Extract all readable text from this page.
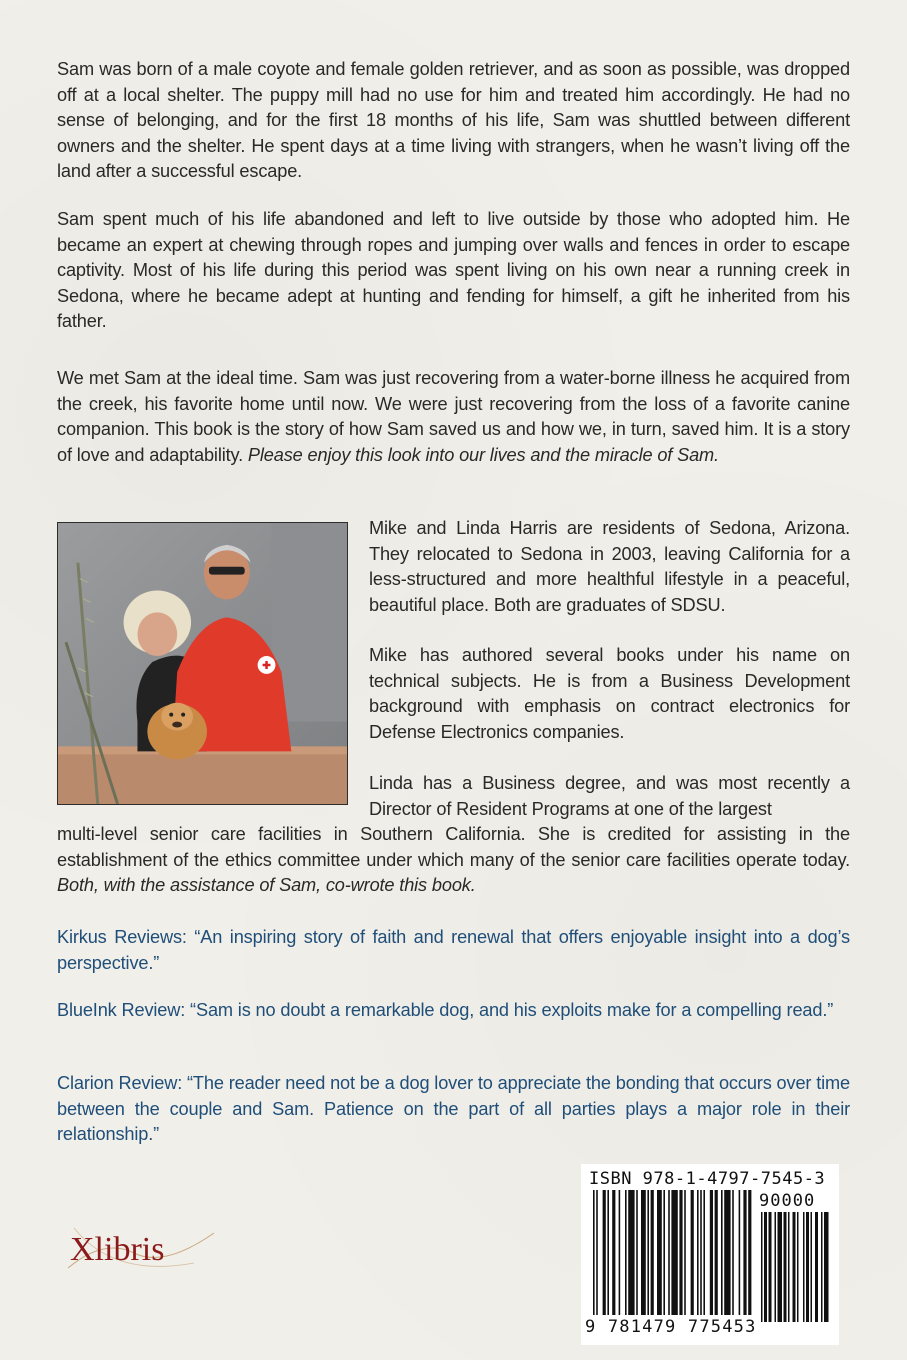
Sam was born of a male coyote and female golden retriever, and as soon as possible, was dropped off at a local shelter. The puppy mill had no use for him and treated him accordingly. He had no sense of belonging, and for the first 18 months of his life, Sam was shuttled between different owners and the shelter. He spent days at a time living with strangers, when he wasn’t living off the land after a successful escape.

Sam spent much of his life abandoned and left to live outside by those who adopted him. He became an expert at chewing through ropes and jumping over walls and fences in order to escape captivity. Most of his life during this period was spent living on his own near a running creek in Sedona, where he became adept at hunting and fending for himself, a gift he inherited from his father.

We met Sam at the ideal time. Sam was just recovering from a water-borne illness he acquired from the creek, his favorite home until now. We were just recovering from the loss of a favorite canine companion. This book is the story of how Sam saved us and how we, in turn, saved him. It is a story of love and adaptability. Please enjoy this look into our lives and the miracle of Sam.

Mike and Linda Harris are residents of Sedona, Arizona. They relocated to Sedona in 2003, leaving California for a less-structured and more healthful lifestyle in a peaceful, beautiful place. Both are graduates of SDSU.

Mike has authored several books under his name on technical subjects. He is from a Business Development background with emphasis on contract electronics for Defense Electronics companies.

Linda has a Business degree, and was most recently a Director of Resident Programs at one of the largest

multi-level senior care facilities in Southern California. She is credited for assisting in the establishment of the ethics committee under which many of the senior care facilities operate today. Both, with the assistance of Sam, co-wrote this book.

Kirkus Reviews: “An inspiring story of faith and renewal that offers enjoyable insight into a dog’s perspective.”

BlueInk Review: “Sam is no doubt a remarkable dog, and his exploits make for a compelling read.”

Clarion Review: “The reader need not be a dog lover to appreciate the bonding that occurs over time between the couple and Sam. Patience on the part of all parties plays a major role in their relationship.”

Xlibris
ISBN 978-1-4797-7545-3
90000
9 781479 775453
